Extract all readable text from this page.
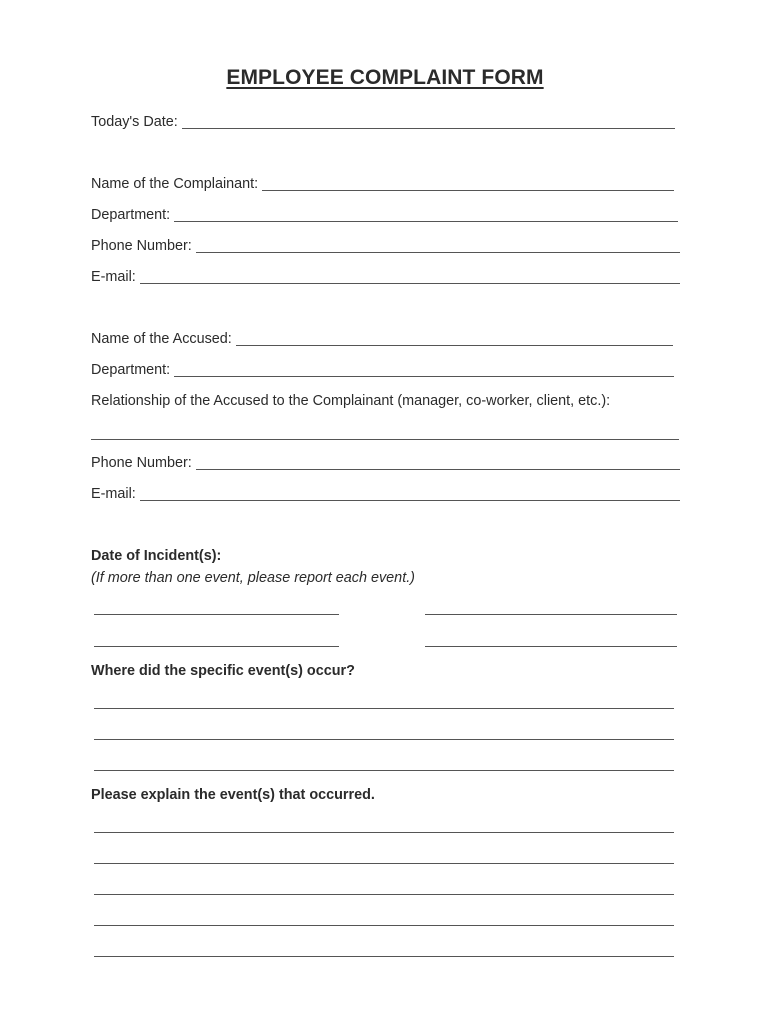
EMPLOYEE COMPLAINT FORM
Today's Date:
Name of the Complainant:
Department:
Phone Number:
E-mail:
Name of the Accused:
Department:
Relationship of the Accused to the Complainant (manager, co-worker, client, etc.):
Phone Number:
E-mail:
Date of Incident(s):
(If more than one event, please report each event.)
Where did the specific event(s) occur?
Please explain the event(s) that occurred.
